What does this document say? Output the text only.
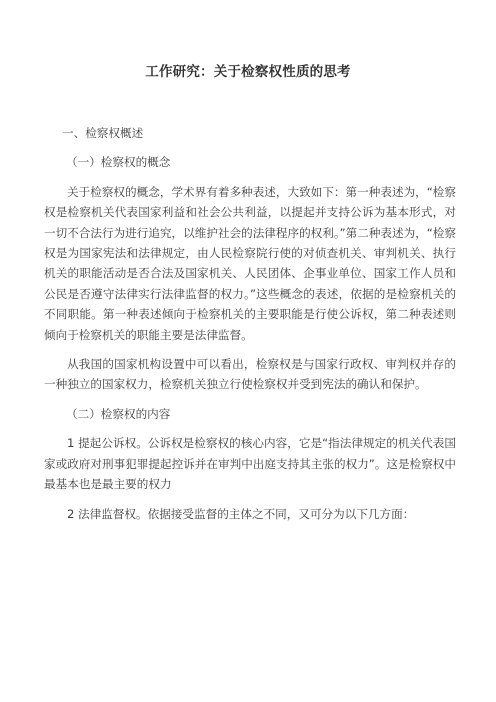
工作研究：关于检察权性质的思考
一、检察权概述
（一）检察权的概念

关于检察权的概念，学术界有着多种表述，大致如下：第一种表述为，“检察权是检察机关代表国家利益和社会公共利益，以提起并支持公诉为基本形式，对一切不合法行为进行追究，以维护社会的法律程序的权利。”第二种表述为，“检察权是为国家宪法和法律规定，由人民检察院行使的对侦查机关、审判机关、执行机关的职能活动是否合法及国家机关、人民团体、企事业单位、国家工作人员和公民是否遵守法律实行法律监督的权力。”这些概念的表述，依据的是检察机关的不同职能。第一种表述倾向于检察机关的主要职能是行使公诉权，第二种表述则倾向于检察机关的职能主要是法律监督。

从我国的国家机构设置中可以看出，检察权是与国家行政权、审判权并存的一种独立的国家权力，检察机关独立行使检察权并受到宪法的确认和保护。

（二）检察权的内容

1 提起公诉权。公诉权是检察权的核心内容，它是“指法律规定的机关代表国家或政府对刑事犯罪提起控诉并在审判中出庭支持其主张的权力”。这是检察权中最基本也是最主要的权力

2 法律监督权。依据接受监督的主体之不同，又可分为以下几方面：
